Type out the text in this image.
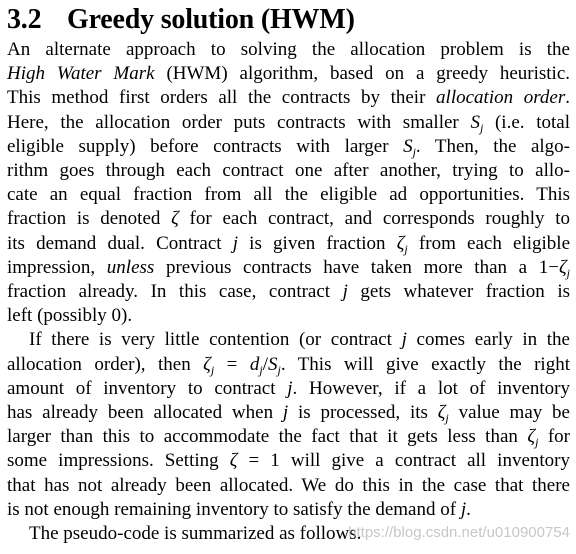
3.2 Greedy solution (HWM)
An alternate approach to solving the allocation problem is the
High Water Mark (HWM) algorithm, based on a greedy heuristic.
This method first orders all the contracts by their allocation order.
Here, the allocation order puts contracts with smaller $S_j$ (i.e. total
eligible supply) before contracts with larger $S_j$. Then, the algo-
rithm goes through each contract one after another, trying to allo-
cate an equal fraction from all the eligible ad opportunities. This
fraction is denoted ζ for each contract, and corresponds roughly to
its demand dual. Contract j is given fraction $\zeta_j$ from each eligible
impression, unless previous contracts have taken more than a $1-\zeta_j$
fraction already. In this case, contract j gets whatever fraction is
left (possibly 0).
If there is very little contention (or contract j comes early in the
allocation order), then $\zeta_j = d_j/S_j$. This will give exactly the right
amount of inventory to contract j. However, if a lot of inventory
has already been allocated when j is processed, its $\zeta_j$ value may be
larger than this to accommodate the fact that it gets less than $\zeta_j$ for
some impressions. Setting ζ = 1 will give a contract all inventory
that has not already been allocated. We do this in the case that there
is not enough remaining inventory to satisfy the demand of j.
The pseudo-code is summarized as follows.
https://blog.csdn.net/u010900754
